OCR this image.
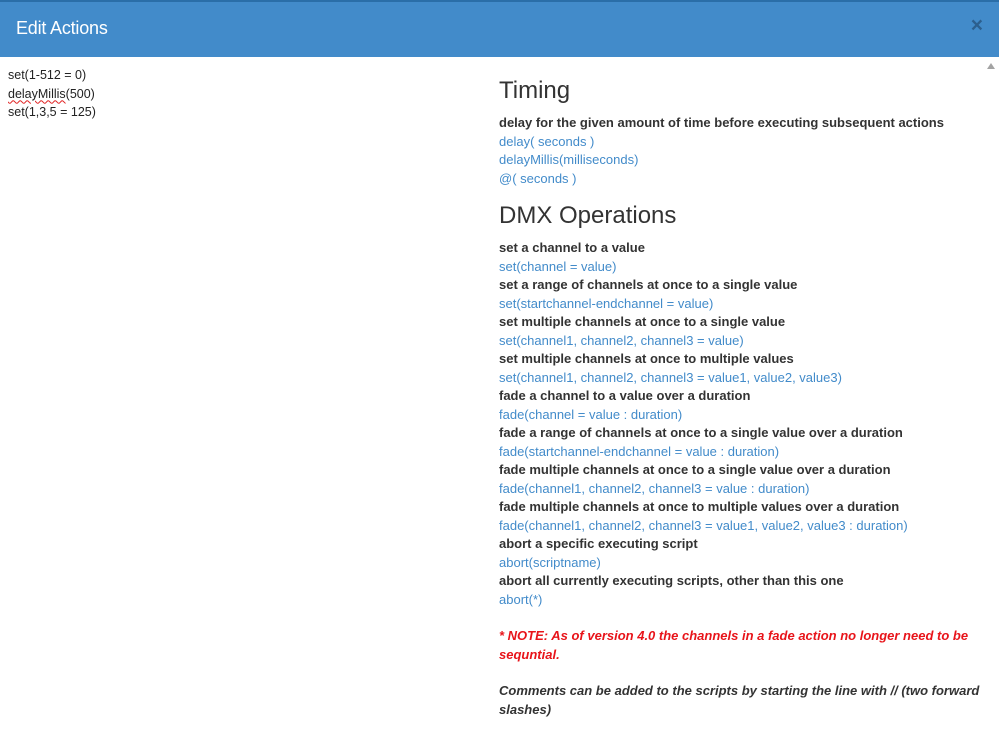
Edit Actions	×
set(1-512 = 0)
delayMillis(500)
set(1,3,5 = 125)
Timing
delay for the given amount of time before executing subsequent actions
delay( seconds )
delayMillis(milliseconds)
@( seconds )
DMX Operations
set a channel to a value
set(channel = value)
set a range of channels at once to a single value
set(startchannel-endchannel = value)
set multiple channels at once to a single value
set(channel1, channel2, channel3 = value)
set multiple channels at once to multiple values
set(channel1, channel2, channel3 = value1, value2, value3)
fade a channel to a value over a duration
fade(channel = value : duration)
fade a range of channels at once to a single value over a duration
fade(startchannel-endchannel = value : duration)
fade multiple channels at once to a single value over a duration
fade(channel1, channel2, channel3 = value : duration)
fade multiple channels at once to multiple values over a duration
fade(channel1, channel2, channel3 = value1, value2, value3 : duration)
abort a specific executing script
abort(scriptname)
abort all currently executing scripts, other than this one
abort(*)
* NOTE: As of version 4.0 the channels in a fade action no longer need to be sequntial.
Comments can be added to the scripts by starting the line with // (two forward slashes)
